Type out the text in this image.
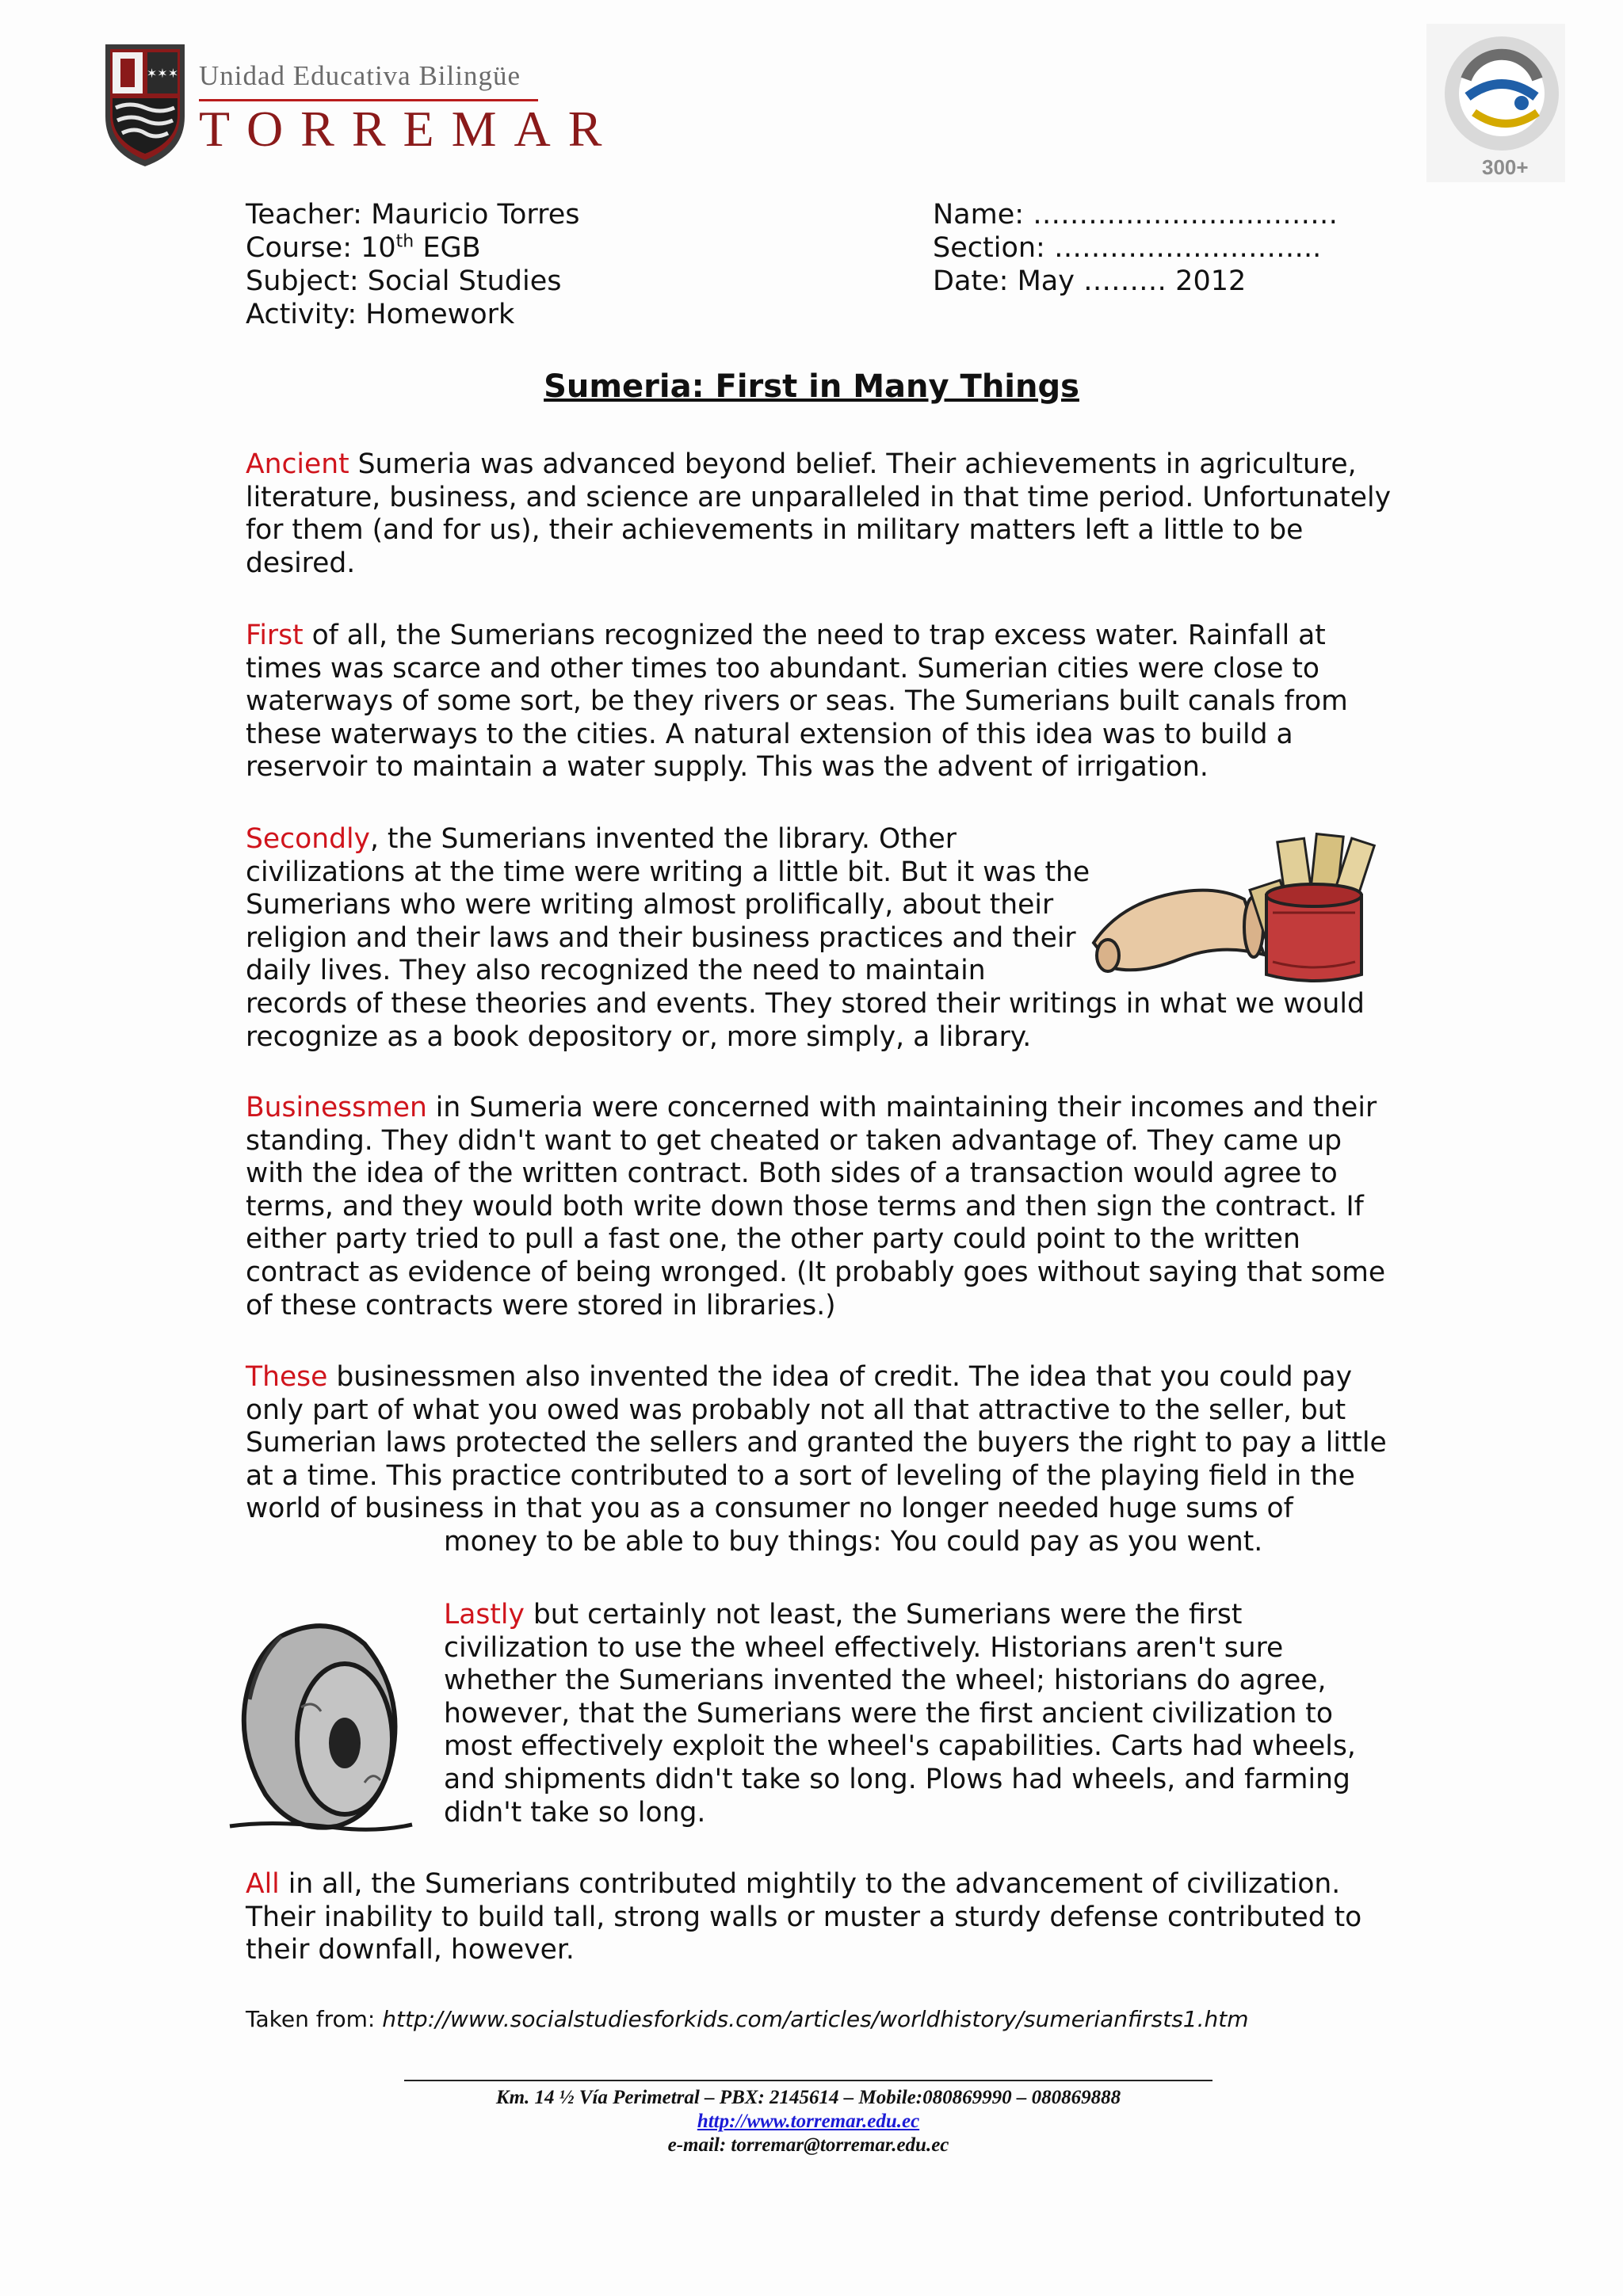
✶✶✶ Unidad Educativa Bilingüe
TORREMAR
300+
Teacher: Mauricio Torres
Course: 10th EGB
Subject: Social Studies
Activity: Homework
Name: ……………………………
Section: ………………………..
Date: May ……… 2012
Sumeria: First in Many Things
Ancient Sumeria was advanced beyond belief. Their achievements in agriculture, literature, business, and science are unparalleled in that time period. Unfortunately for them (and for us), their achievements in military matters left a little to be desired.
First of all, the Sumerians recognized the need to trap excess water. Rainfall at times was scarce and other times too abundant. Sumerian cities were close to waterways of some sort, be they rivers or seas. The Sumerians built canals from these waterways to the cities. A natural extension of this idea was to build a reservoir to maintain a water supply. This was the advent of irrigation.
Secondly, the Sumerians invented the library. Other civilizations at the time were writing a little bit. But it was the Sumerians who were writing almost prolifically, about their religion and their laws and their business practices and their daily lives. They also recognized the need to maintain
records of these theories and events. They stored their writings in what we would recognize as a book depository or, more simply, a library.
Businessmen in Sumeria were concerned with maintaining their incomes and their standing. They didn't want to get cheated or taken advantage of. They came up with the idea of the written contract. Both sides of a transaction would agree to terms, and they would both write down those terms and then sign the contract. If either party tried to pull a fast one, the other party could point to the written contract as evidence of being wronged. (It probably goes without saying that some of these contracts were stored in libraries.)
These businessmen also invented the idea of credit. The idea that you could pay only part of what you owed was probably not all that attractive to the seller, but Sumerian laws protected the sellers and granted the buyers the right to pay a little at a time. This practice contributed to a sort of leveling of the playing field in the world of business in that you as a consumer no longer needed huge sums of
money to be able to buy things: You could pay as you went.
Lastly but certainly not least, the Sumerians were the first civilization to use the wheel effectively. Historians aren't sure whether the Sumerians invented the wheel; historians do agree, however, that the Sumerians were the first ancient civilization to most effectively exploit the wheel's capabilities. Carts had wheels, and shipments didn't take so long. Plows had wheels, and farming didn't take so long.
All in all, the Sumerians contributed mightily to the advancement of civilization. Their inability to build tall, strong walls or muster a sturdy defense contributed to their downfall, however.
Taken from: http://www.socialstudiesforkids.com/articles/worldhistory/sumerianfirsts1.htm
Km. 14 ½ Vía Perimetral – PBX: 2145614 – Mobile:080869990 – 080869888
http://www.torremar.edu.ec
e-mail: torremar@torremar.edu.ec
